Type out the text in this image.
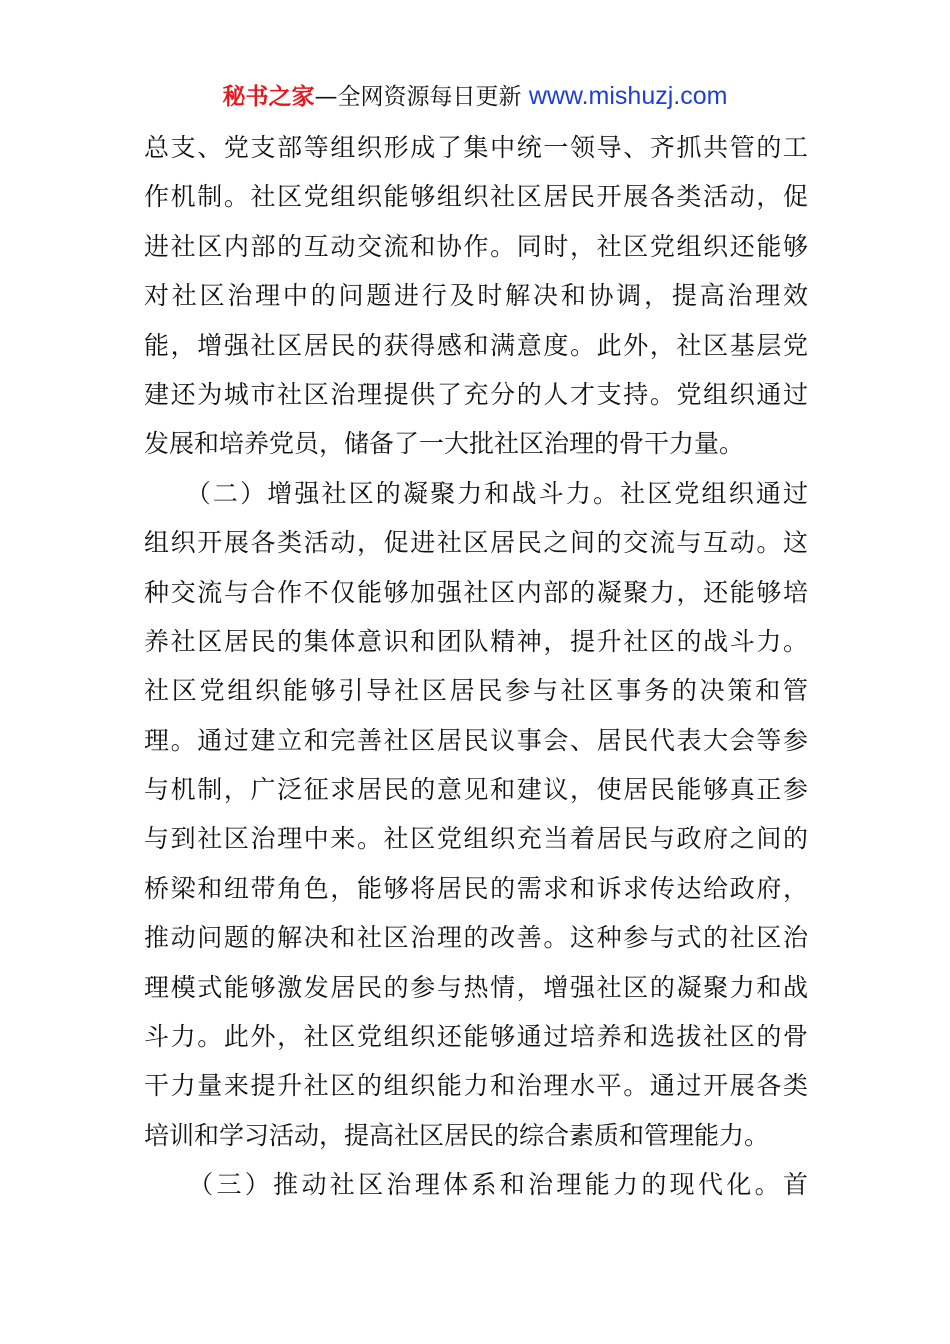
秘书之家—全网资源每日更新 www.mishuzj.com
总支、党支部等组织形成了集中统一领导、齐抓共管的工
作机制。社区党组织能够组织社区居民开展各类活动，促
进社区内部的互动交流和协作。同时，社区党组织还能够
对社区治理中的问题进行及时解决和协调，提高治理效
能，增强社区居民的获得感和满意度。此外，社区基层党
建还为城市社区治理提供了充分的人才支持。党组织通过
发展和培养党员，储备了一大批社区治理的骨干力量。
　　（二）增强社区的凝聚力和战斗力。社区党组织通过
组织开展各类活动，促进社区居民之间的交流与互动。这
种交流与合作不仅能够加强社区内部的凝聚力，还能够培
养社区居民的集体意识和团队精神，提升社区的战斗力。
社区党组织能够引导社区居民参与社区事务的决策和管
理。通过建立和完善社区居民议事会、居民代表大会等参
与机制，广泛征求居民的意见和建议，使居民能够真正参
与到社区治理中来。社区党组织充当着居民与政府之间的
桥梁和纽带角色，能够将居民的需求和诉求传达给政府，
推动问题的解决和社区治理的改善。这种参与式的社区治
理模式能够激发居民的参与热情，增强社区的凝聚力和战
斗力。此外，社区党组织还能够通过培养和选拔社区的骨
干力量来提升社区的组织能力和治理水平。通过开展各类
培训和学习活动，提高社区居民的综合素质和管理能力。
　　（三）推动社区治理体系和治理能力的现代化。首
